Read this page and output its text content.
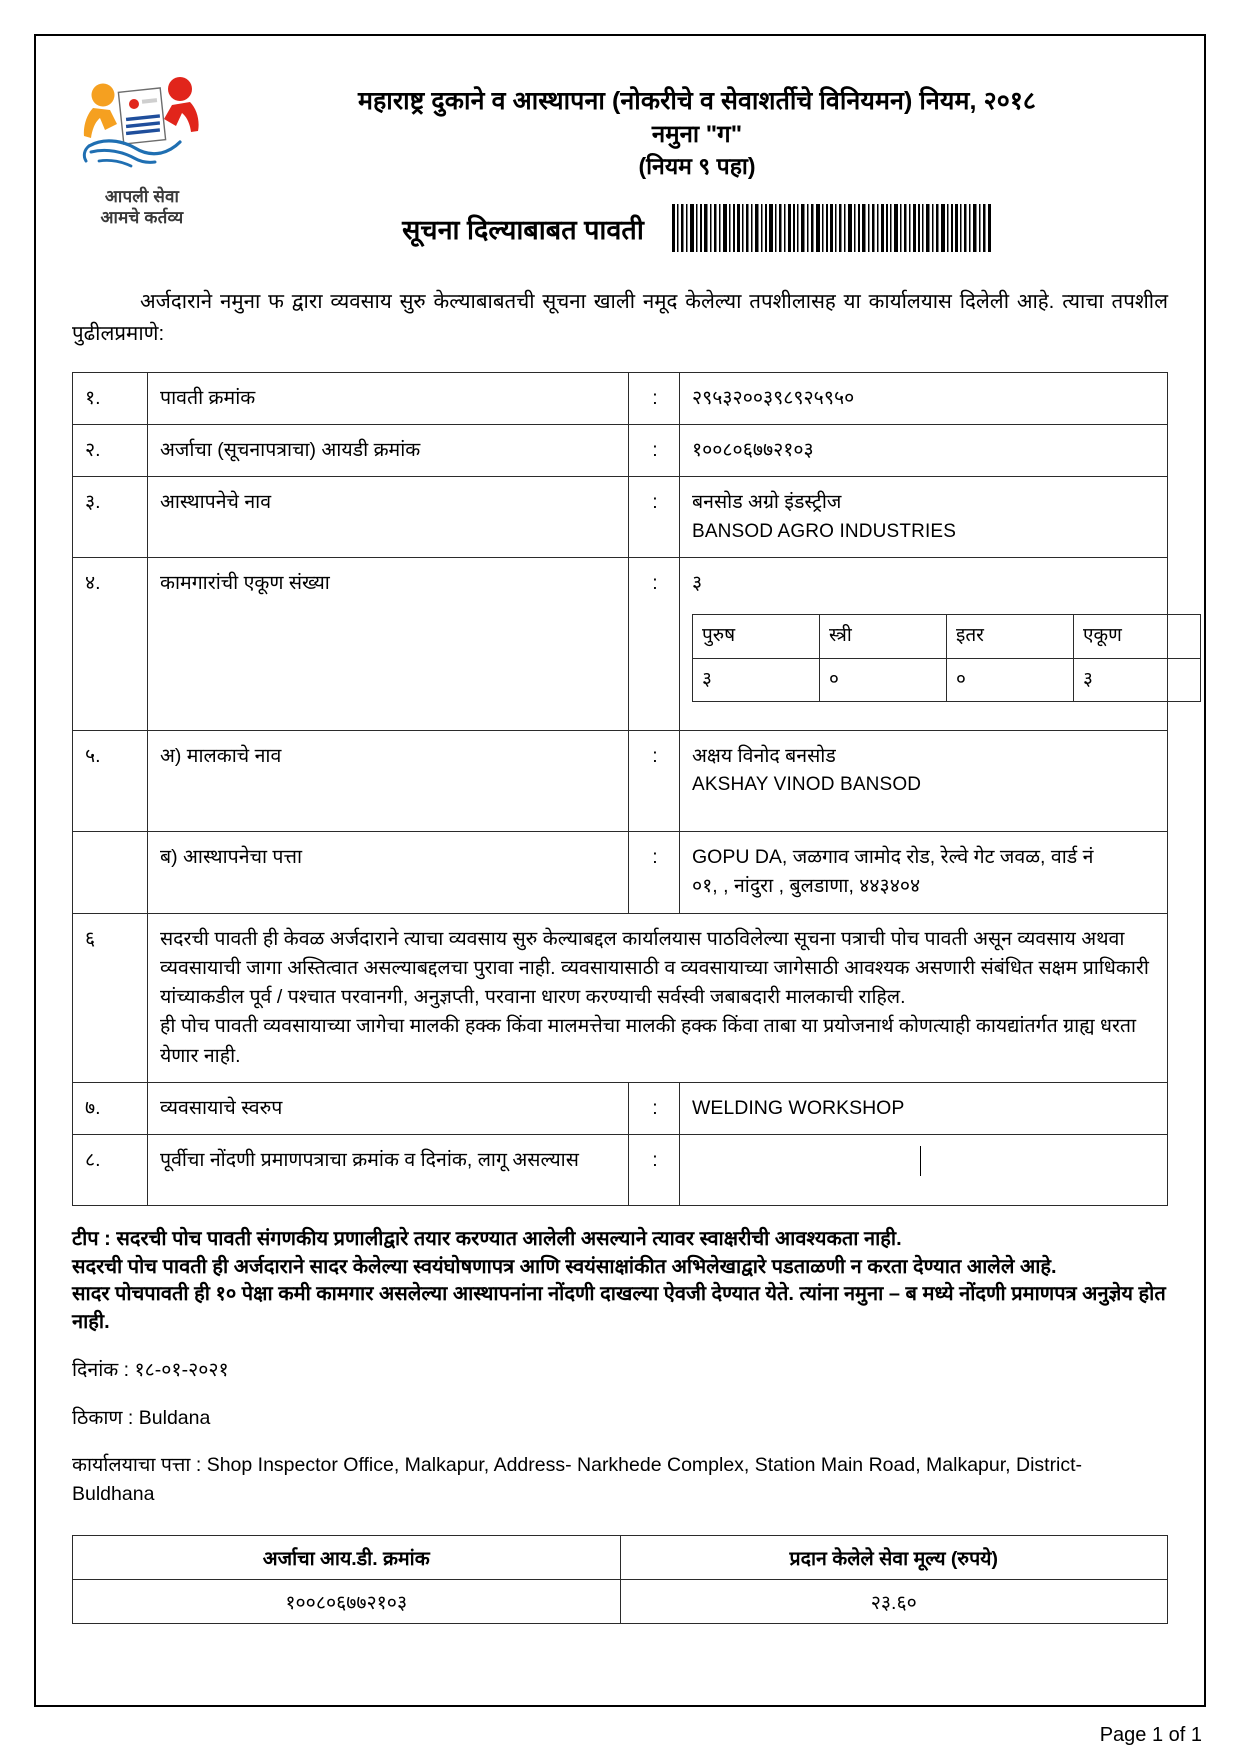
आपली सेवा
आमचे कर्तव्य
महाराष्ट्र दुकाने व आस्थापना (नोकरीचे व सेवाशर्तीचे विनियमन) नियम, २०१८
नमुना "ग"
(नियम ९ पहा)
सूचना दिल्याबाबत पावती
अर्जदाराने नमुना फ द्वारा व्यवसाय सुरु केल्याबाबतची सूचना खाली नमूद केलेल्या तपशीलासह या कार्यालयास दिलेली आहे. त्याचा तपशील पुढीलप्रमाणे:
१.	पावती क्रमांक	:	२९५३२००३९८९२५९५०
२.	अर्जाचा (सूचनापत्राचा) आयडी क्रमांक	:	१००८०६७७२१०३
३.	आस्थापनेचे नाव	:	बनसोड अग्रो इंडस्ट्रीज
BANSOD AGRO INDUSTRIES

४.	कामगारांची एकूण संख्या	:	३
पुरुष	स्त्री	इतर	एकूण
३	०	०	३

५.	अ) मालकाचे नाव	:	अक्षय विनोद बनसोड
AKSHAY VINOD BANSOD

	ब) आस्थापनेचा पत्ता	:	GOPU DA, जळगाव जामोद रोड, रेल्वे गेट जवळ, वार्ड नं
०१, , नांदुरा , बुलडाणा, ४४३४०४

६	सदरची पावती ही केवळ अर्जदाराने त्याचा व्यवसाय सुरु केल्याबद्दल कार्यालयास पाठविलेल्या सूचना पत्राची पोच पावती असून व्यवसाय अथवा व्यवसायाची जागा अस्तित्वात असल्याबद्दलचा पुरावा नाही. व्यवसायासाठी व व्यवसायाच्या जागेसाठी आवश्यक असणारी संबंधित सक्षम प्राधिकारी यांच्याकडील पूर्व / पश्चात परवानगी, अनुज्ञप्ती, परवाना धारण करण्याची सर्वस्वी जबाबदारी मालकाची राहिल.

ही पोच पावती व्यवसायाच्या जागेचा मालकी हक्क किंवा मालमत्तेचा मालकी हक्क किंवा ताबा या प्रयोजनार्थ कोणत्याही कायद्यांतर्गत ग्राह्य धरता येणार नाही.

७.	व्यवसायाचे स्वरुप	:	WELDING WORKSHOP
८.	पूर्वीचा नोंदणी प्रमाणपत्राचा क्रमांक व दिनांक, लागू असल्यास	:	

टीप : सदरची पोच पावती संगणकीय प्रणालीद्वारे तयार करण्यात आलेली असल्याने त्यावर स्वाक्षरीची आवश्यकता नाही.

सदरची पोच पावती ही अर्जदाराने सादर केलेल्या स्वयंघोषणापत्र आणि स्वयंसाक्षांकीत अभिलेखाद्वारे पडताळणी न करता देण्यात आलेले आहे.

सादर पोचपावती ही १० पेक्षा कमी कामगार असलेल्या आस्थापनांना नोंदणी दाखल्या ऐवजी देण्यात येते. त्यांना नमुना – ब मध्ये नोंदणी प्रमाणपत्र अनुज्ञेय होत नाही.

दिनांक : १८-०१-२०२१

ठिकाण : Buldana

कार्यालयाचा पत्ता : Shop Inspector Office, Malkapur, Address- Narkhede Complex, Station Main Road, Malkapur, District- Buldhana

अर्जाचा आय.डी. क्रमांक	प्रदान केलेले सेवा मूल्य (रुपये)
१००८०६७७२१०३	२३.६०
Page 1 of 1
